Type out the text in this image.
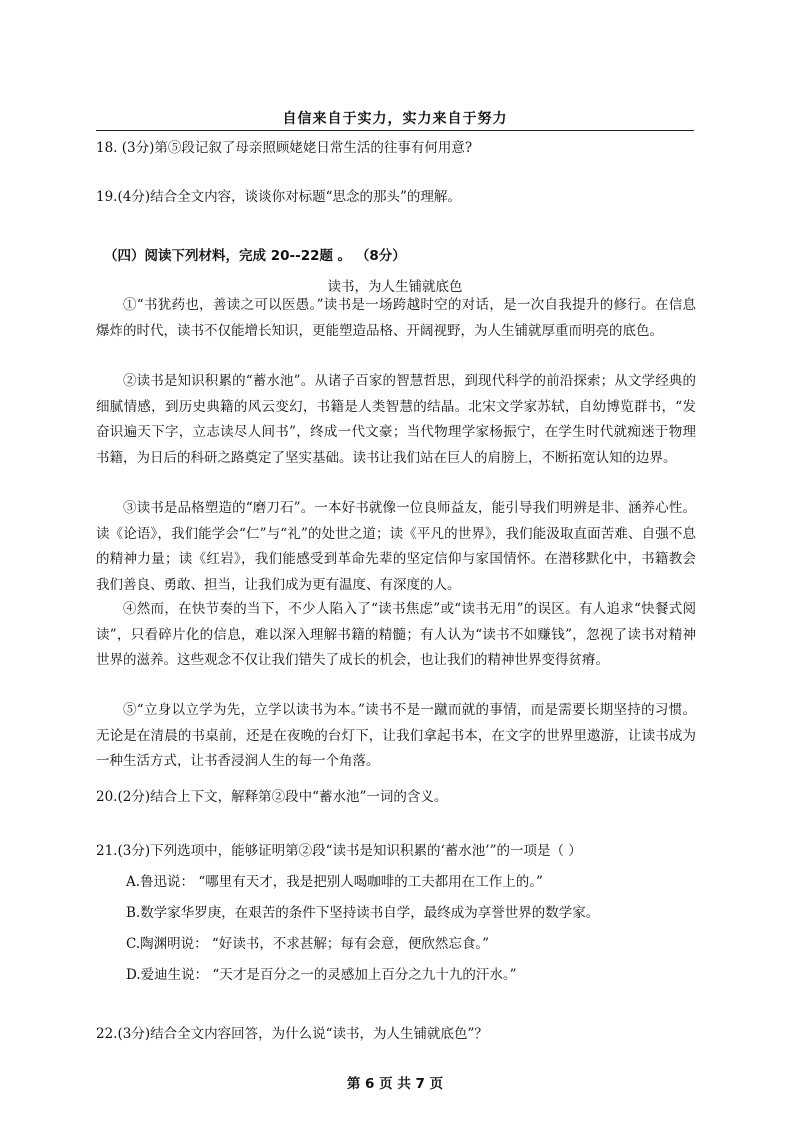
自信来自于实力，实力来自于努力
18. (3分)第⑤段记叙了母亲照顾姥姥日常生活的往事有何用意?
19.(4分)结合全文内容，谈谈你对标题“思念的那头”的理解。
（四）阅读下列材料，完成 20--22题 。 （8分）
读书，为人生铺就底色
①“书犹药也，善读之可以医愚。”读书是一场跨越时空的对话，是一次自我提升的修行。在信息爆炸的时代，读书不仅能增长知识，更能塑造品格、开阔视野，为人生铺就厚重而明亮的底色。
②读书是知识积累的“蓄水池”。从诸子百家的智慧哲思，到现代科学的前沿探索；从文学经典的细腻情感，到历史典籍的风云变幻，书籍是人类智慧的结晶。北宋文学家苏轼，自幼博览群书，“发奋识遍天下字，立志读尽人间书”，终成一代文豪；当代物理学家杨振宁，在学生时代就痴迷于物理书籍，为日后的科研之路奠定了坚实基础。读书让我们站在巨人的肩膀上，不断拓宽认知的边界。
③读书是品格塑造的“磨刀石”。一本好书就像一位良师益友，能引导我们明辨是非、涵养心性。读《论语》，我们能学会“仁”与“礼”的处世之道；读《平凡的世界》，我们能汲取直面苦难、自强不息的精神力量；读《红岩》，我们能感受到革命先辈的坚定信仰与家国情怀。在潜移默化中，书籍教会我们善良、勇敢、担当，让我们成为更有温度、有深度的人。
④然而，在快节奏的当下，不少人陷入了“读书焦虑”或“读书无用”的误区。有人追求“快餐式阅读”，只看碎片化的信息，难以深入理解书籍的精髓；有人认为“读书不如赚钱”，忽视了读书对精神世界的滋养。这些观念不仅让我们错失了成长的机会，也让我们的精神世界变得贫瘠。
⑤“立身以立学为先，立学以读书为本。”读书不是一蹴而就的事情，而是需要长期坚持的习惯。无论是在清晨的书桌前，还是在夜晚的台灯下，让我们拿起书本，在文字的世界里遨游，让读书成为一种生活方式，让书香浸润人生的每一个角落。
20.(2分)结合上下文，解释第②段中“蓄水池”一词的含义。
21.(3分)下列选项中，能够证明第②段“读书是知识积累的‘蓄水池’”的一项是（ ）
A.鲁迅说： “哪里有天才，我是把别人喝咖啡的工夫都用在工作上的。”
B.数学家华罗庚，在艰苦的条件下坚持读书自学，最终成为享誉世界的数学家。
C.陶渊明说： “好读书，不求甚解；每有会意，便欣然忘食。”
D.爱迪生说： “天才是百分之一的灵感加上百分之九十九的汗水。”
22.(3分)结合全文内容回答，为什么说“读书，为人生铺就底色”？
第 6 页 共 7 页
